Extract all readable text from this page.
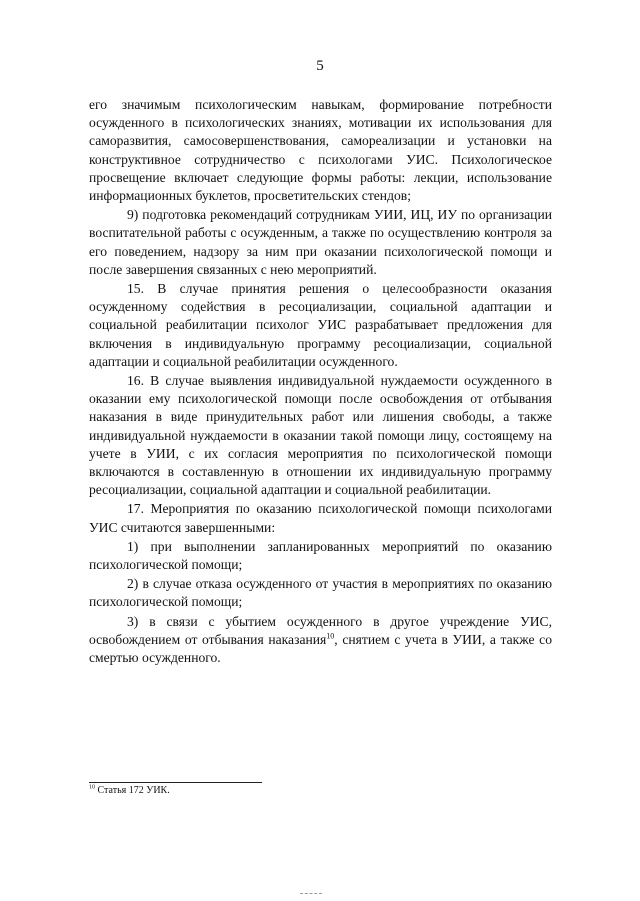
5

его значимым психологическим навыкам, формирование потребности осужденного в психологических знаниях, мотивации их использования для саморазвития, самосовершенствования, самореализации и установки на конструктивное сотрудничество с психологами УИС. Психологическое просвещение включает следующие формы работы: лекции, использование информационных буклетов, просветительских стендов;

9) подготовка рекомендаций сотрудникам УИИ, ИЦ, ИУ по организации воспитательной работы с осужденным, а также по осуществлению контроля за его поведением, надзору за ним при оказании психологической помощи и после завершения связанных с нею мероприятий.

15. В случае принятия решения о целесообразности оказания осужденному содействия в ресоциализации, социальной адаптации и социальной реабилитации психолог УИС разрабатывает предложения для включения в индивидуальную программу ресоциализации, социальной адаптации и социальной реабилитации осужденного.

16. В случае выявления индивидуальной нуждаемости осужденного в оказании ему психологической помощи после освобождения от отбывания наказания в виде принудительных работ или лишения свободы, а также индивидуальной нуждаемости в оказании такой помощи лицу, состоящему на учете в УИИ, с их согласия мероприятия по психологической помощи включаются в составленную в отношении их индивидуальную программу ресоциализации, социальной адаптации и социальной реабилитации.

17. Мероприятия по оказанию психологической помощи психологами УИС считаются завершенными:

1) при выполнении запланированных мероприятий по оказанию психологической помощи;

2) в случае отказа осужденного от участия в мероприятиях по оказанию психологической помощи;

3) в связи с убытием осужденного в другое учреждение УИС, освобождением от отбывания наказания$^{10}$, снятием с учета в УИИ, а также со смертью осужденного.

$^{10}$ Статья 172 УИК.
